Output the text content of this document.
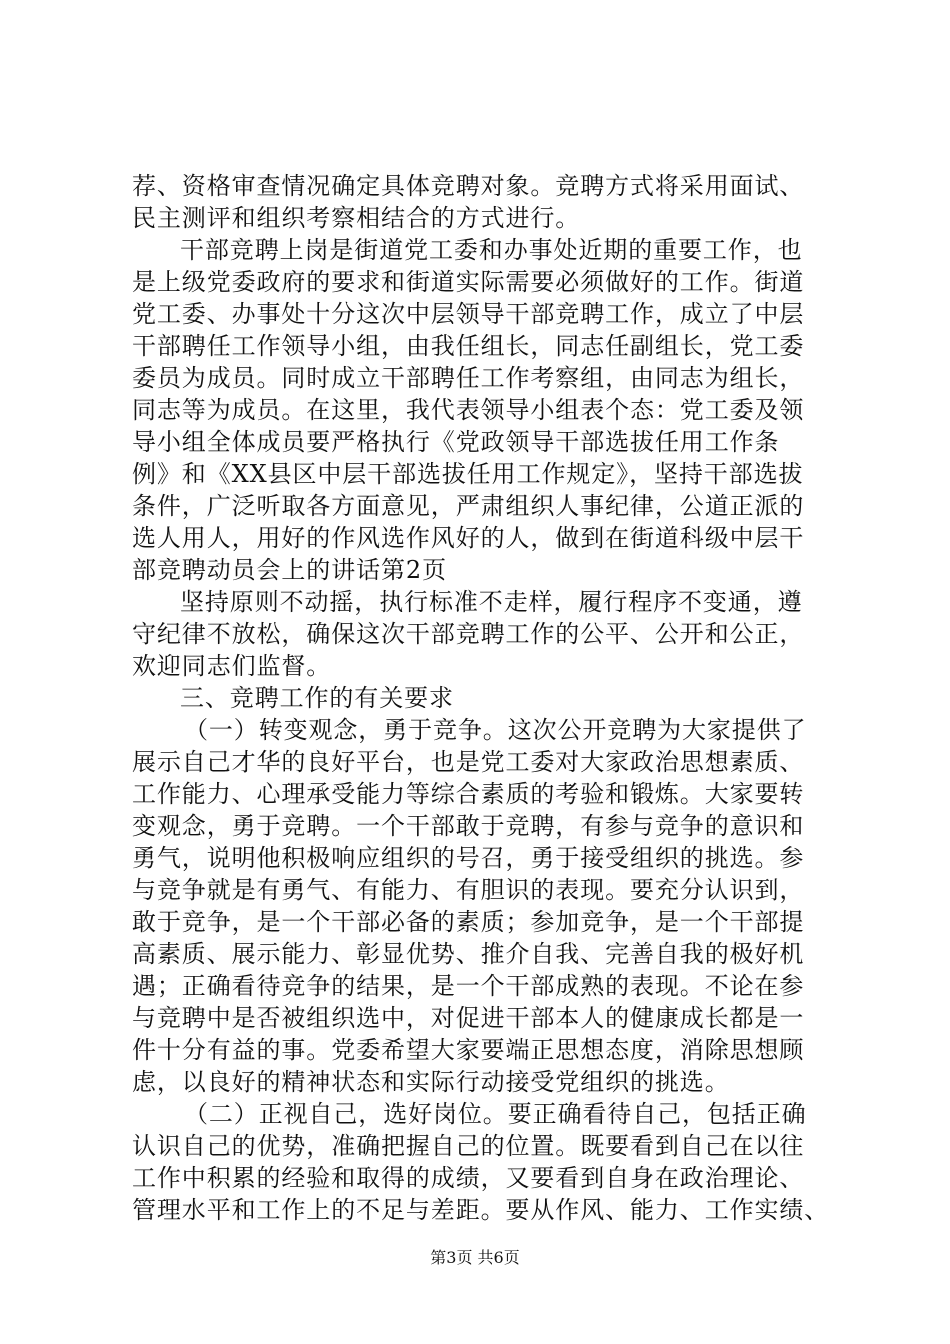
荐、资格审查情况确定具体竞聘对象。竞聘方式将采用面试、
民主测评和组织考察相结合的方式进行。
干部竞聘上岗是街道党工委和办事处近期的重要工作，也
是上级党委政府的要求和街道实际需要必须做好的工作。街道
党工委、办事处十分这次中层领导干部竞聘工作，成立了中层
干部聘任工作领导小组，由我任组长，同志任副组长，党工委
委员为成员。同时成立干部聘任工作考察组，由同志为组长，
同志等为成员。在这里，我代表领导小组表个态：党工委及领
导小组全体成员要严格执行《党政领导干部选拔任用工作条
例》和《XX县区中层干部选拔任用工作规定》，坚持干部选拔
条件，广泛听取各方面意见，严肃组织人事纪律，公道正派的
选人用人，用好的作风选作风好的人，做到在街道科级中层干
部竞聘动员会上的讲话第2页
坚持原则不动摇，执行标准不走样，履行程序不变通，遵
守纪律不放松，确保这次干部竞聘工作的公平、公开和公正，
欢迎同志们监督。
三、竞聘工作的有关要求
（一）转变观念，勇于竞争。这次公开竞聘为大家提供了
展示自己才华的良好平台，也是党工委对大家政治思想素质、
工作能力、心理承受能力等综合素质的考验和锻炼。大家要转
变观念，勇于竞聘。一个干部敢于竞聘，有参与竞争的意识和
勇气，说明他积极响应组织的号召，勇于接受组织的挑选。参
与竞争就是有勇气、有能力、有胆识的表现。要充分认识到，
敢于竞争，是一个干部必备的素质；参加竞争，是一个干部提
高素质、展示能力、彰显优势、推介自我、完善自我的极好机
遇；正确看待竞争的结果，是一个干部成熟的表现。不论在参
与竞聘中是否被组织选中，对促进干部本人的健康成长都是一
件十分有益的事。党委希望大家要端正思想态度，消除思想顾
虑，以良好的精神状态和实际行动接受党组织的挑选。
（二）正视自己，选好岗位。要正确看待自己，包括正确
认识自己的优势，准确把握自己的位置。既要看到自己在以往
工作中积累的经验和取得的成绩，又要看到自身在政治理论、
管理水平和工作上的不足与差距。要从作风、能力、工作实绩、
第3页 共6页
